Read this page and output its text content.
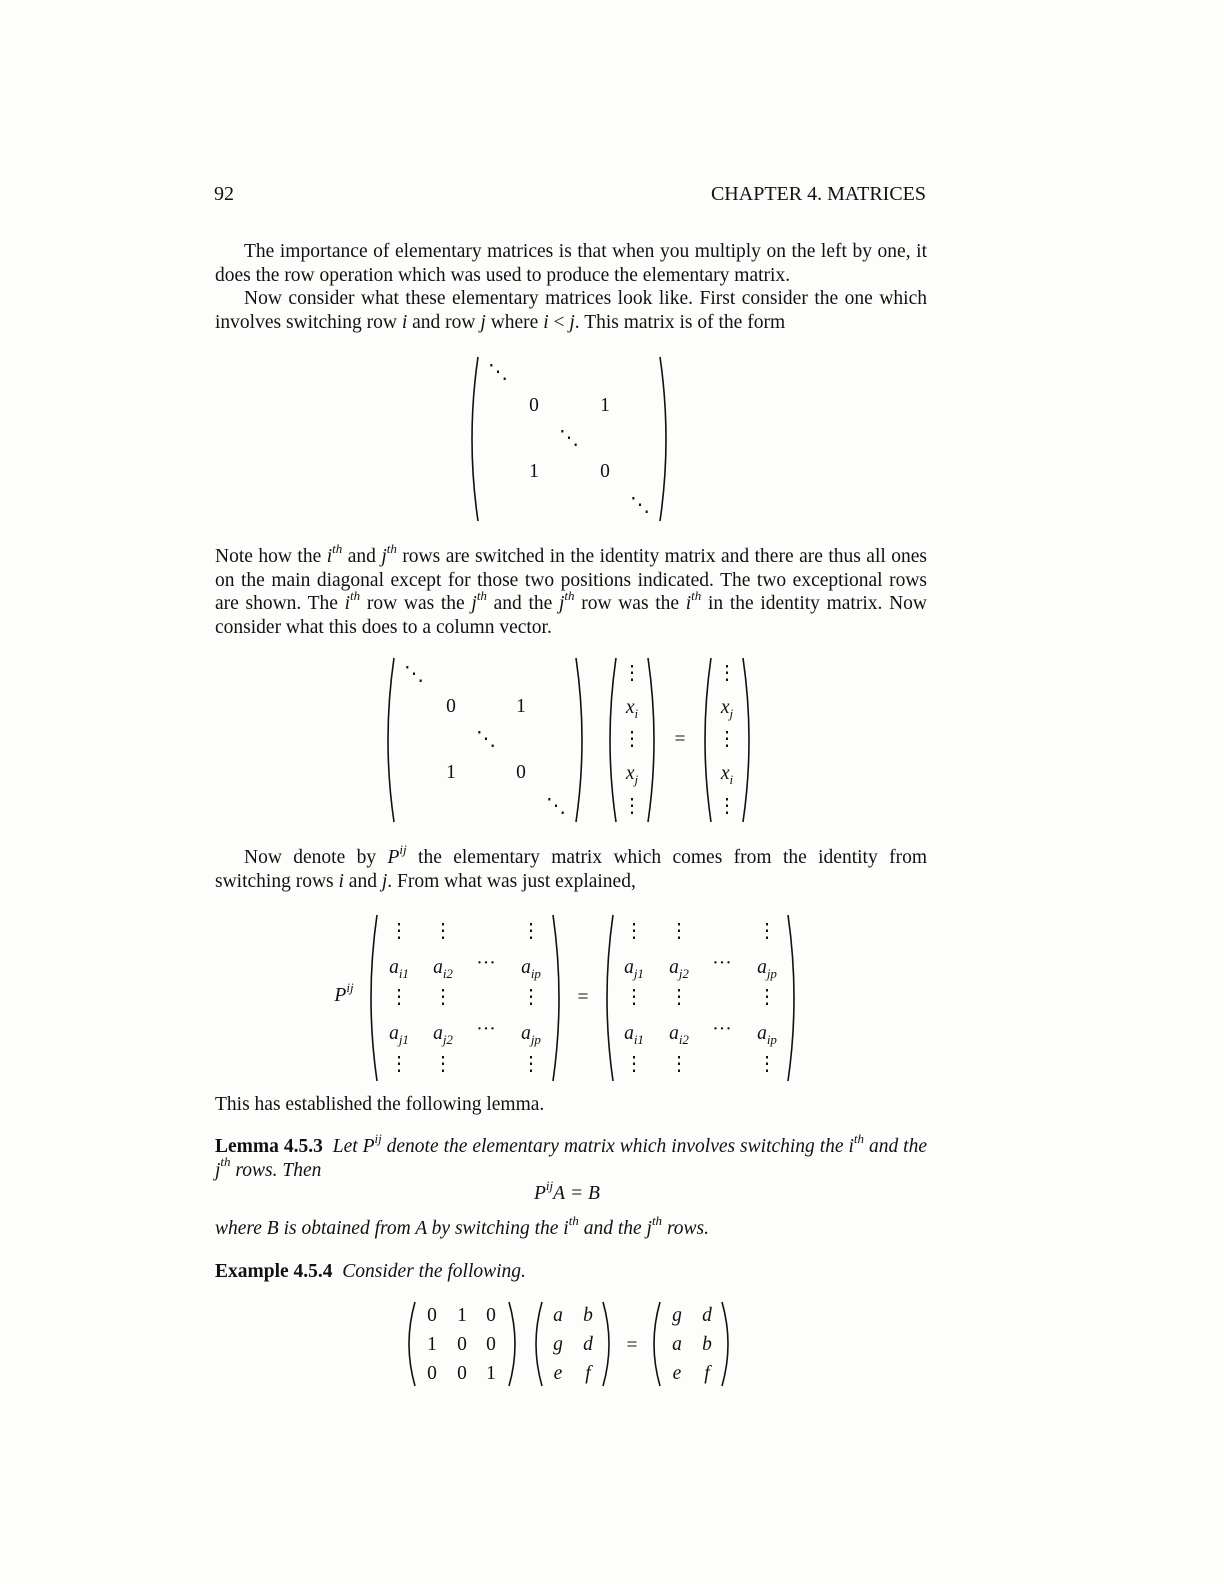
92	CHAPTER 4. MATRICES
The importance of elementary matrices is that when you multiply on the left by one, it does the row operation which was used to produce the elementary matrix.
Now consider what these elementary matrices look like. First consider the one which involves switching row i and row j where i < j. This matrix is of the form
⋱
0	1
⋱
1	0
⋱
Note how the $i^{th}$ and $j^{th}$ rows are switched in the identity matrix and there are thus all ones on the main diagonal except for those two positions indicated. The two exceptional rows are shown. The $i^{th}$ row was the $j^{th}$ and the $j^{th}$ row was the $i^{th}$ in the identity matrix. Now consider what this does to a column vector.
⋱
0	1
⋱
1	0
⋱
⋮
$x_i$
⋮
$x_j$
⋮
=
⋮
$x_j$
⋮
$x_i$
⋮
Now denote by $P^{ij}$ the elementary matrix which comes from the identity from switching rows i and j. From what was just explained,
$P^{ij}$
⋮	⋮	⋮
$a_{i1}$	$a_{i2}$	···	$a_{ip}$
⋮	⋮	⋮
$a_{j1}$	$a_{j2}$	···	$a_{jp}$
⋮	⋮	⋮
=
⋮	⋮	⋮
$a_{j1}$	$a_{j2}$	···	$a_{jp}$
⋮	⋮	⋮
$a_{i1}$	$a_{i2}$	···	$a_{ip}$
⋮	⋮	⋮
This has established the following lemma.
Lemma 4.5.3 Let $P^{ij}$ denote the elementary matrix which involves switching the $i^{th}$ and the $j^{th}$ rows. Then
$P^{ij}A = B$
where B is obtained from A by switching the $i^{th}$ and the $j^{th}$ rows.
Example 4.5.4 Consider the following.
0	1 0
1	0 0
0	0 1
a	b
g	d
e	f
=
g	d
a	b
e	f
